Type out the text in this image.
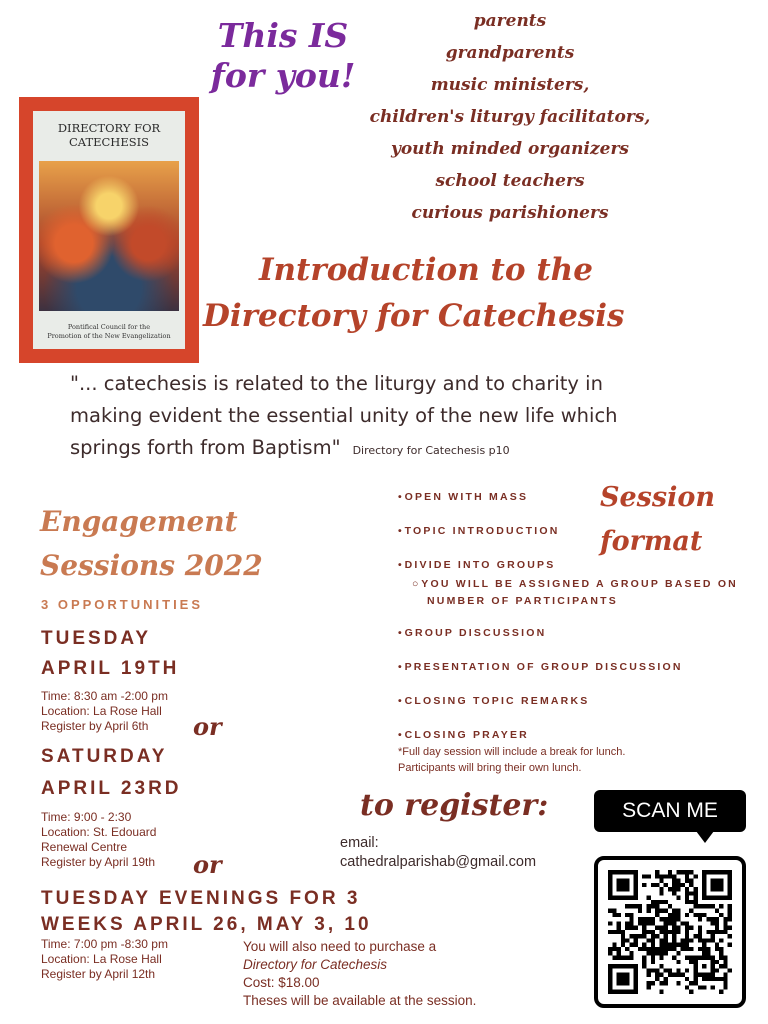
This IS
for you!
parents
grandparents
music ministers,
children's liturgy facilitators,
youth minded organizers
school teachers
curious parishioners
DIRECTORY FOR
CATECHESIS
Pontifical Council for the
Promotion of the New Evangelization
Introduction to the
Directory for Catechesis
"... catechesis is related to the liturgy and to charity in
making evident the essential unity of the new life which
springs forth from Baptism" Directory for Catechesis p10
Engagement
Sessions 2022
3 OPPORTUNITIES
TUESDAY
APRIL 19TH
Time: 8:30 am -2:00 pm
Location: La Rose Hall
Register by April 6th	or
SATURDAY
APRIL 23RD
Time: 9:00 - 2:30
Location: St. Edouard
Renewal Centre
Register by April 19th or
TUESDAY EVENINGS FOR 3
WEEKS APRIL 26, MAY 3, 10
Time: 7:00 pm -8:30 pm
Location: La Rose Hall
Register by April 12th
Session
format
• OPEN WITH MASS
• TOPIC INTRODUCTION
• DIVIDE INTO GROUPS
○ YOU WILL BE ASSIGNED A GROUP BASED ON
NUMBER OF PARTICIPANTS
• GROUP DISCUSSION
• PRESENTATION OF GROUP DISCUSSION
• CLOSING TOPIC REMARKS
• CLOSING PRAYER
*Full day session will include a break for lunch.
Participants will bring their own lunch.
to register:
email:
cathedralparishab@gmail.com
You will also need to purchase a
Directory for Catechesis
Cost: $18.00
Theses will be available at the session.
SCAN ME
